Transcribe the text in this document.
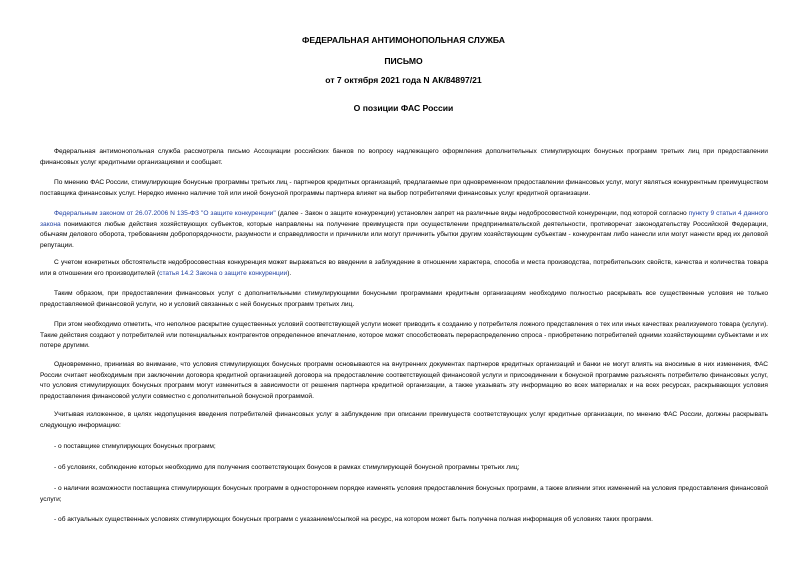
ФЕДЕРАЛЬНАЯ АНТИМОНОПОЛЬНАЯ СЛУЖБА
ПИСЬМО
от 7 октября 2021 года N АК/84897/21
О позиции ФАС России

Федеральная антимонопольная служба рассмотрела письмо Ассоциации российских банков по вопросу надлежащего оформления дополнительных стимулирующих бонусных программ третьих лиц при предоставлении финансовых услуг кредитными организациями и сообщает.

По мнению ФАС России, стимулирующие бонусные программы третьих лиц - партнеров кредитных организаций, предлагаемые при одновременном предоставлении финансовых услуг, могут являться конкурентным преимуществом поставщика финансовых услуг. Нередко именно наличие той или иной бонусной программы партнера влияет на выбор потребителями финансовых услуг кредитной организации.

Федеральным законом от 26.07.2006 N 135-ФЗ "О защите конкуренции" (далее - Закон о защите конкуренции) установлен запрет на различные виды недобросовестной конкуренции, под которой согласно пункту 9 статьи 4 данного закона понимаются любые действия хозяйствующих субъектов, которые направлены на получение преимуществ при осуществлении предпринимательской деятельности, противоречат законодательству Российской Федерации, обычаям делового оборота, требованиям добропорядочности, разумности и справедливости и причинили или могут причинить убытки другим хозяйствующим субъектам - конкурентам либо нанесли или могут нанести вред их деловой репутации.

С учетом конкретных обстоятельств недобросовестная конкуренция может выражаться во введении в заблуждение в отношении характера, способа и места производства, потребительских свойств, качества и количества товара или в отношении его производителей (статья 14.2 Закона о защите конкуренции).

Таким образом, при предоставлении финансовых услуг с дополнительными стимулирующими бонусными программами кредитным организациям необходимо полностью раскрывать все существенные условия не только предоставляемой финансовой услуги, но и условий связанных с ней бонусных программ третьих лиц.

При этом необходимо отметить, что неполное раскрытие существенных условий соответствующей услуги может приводить к созданию у потребителя ложного представления о тех или иных качествах реализуемого товара (услуги). Такие действия создают у потребителей или потенциальных контрагентов определенное впечатление, которое может способствовать перераспределению спроса - приобретению потребителей одними хозяйствующими субъектами и их потере другими.

Одновременно, принимая во внимание, что условия стимулирующих бонусных программ основываются на внутренних документах партнеров кредитных организаций и банки не могут влиять на вносимые в них изменения, ФАС России считает необходимым при заключении договора кредитной организацией договора на предоставление соответствующей финансовой услуги и присоединении к бонусной программе разъяснять потребителю финансовых услуг, что условия стимулирующих бонусных программ могут измениться в зависимости от решения партнера кредитной организации, а также указывать эту информацию во всех материалах и на всех ресурсах, раскрывающих условия предоставления финансовой услуги совместно с дополнительной бонусной программой.

Учитывая изложенное, в целях недопущения введения потребителей финансовых услуг в заблуждение при описании преимуществ соответствующих услуг кредитные организации, по мнению ФАС России, должны раскрывать следующую информацию:

- о поставщике стимулирующих бонусных программ;

- об условиях, соблюдение которых необходимо для получения соответствующих бонусов в рамках стимулирующей бонусной программы третьих лиц;

- о наличии возможности поставщика стимулирующих бонусных программ в одностороннем порядке изменять условия предоставления бонусных программ, а также влиянии этих изменений на условия предоставления финансовой услуги;

- об актуальных существенных условиях стимулирующих бонусных программ с указанием/ссылкой на ресурс, на котором может быть получена полная информация об условиях таких программ.
